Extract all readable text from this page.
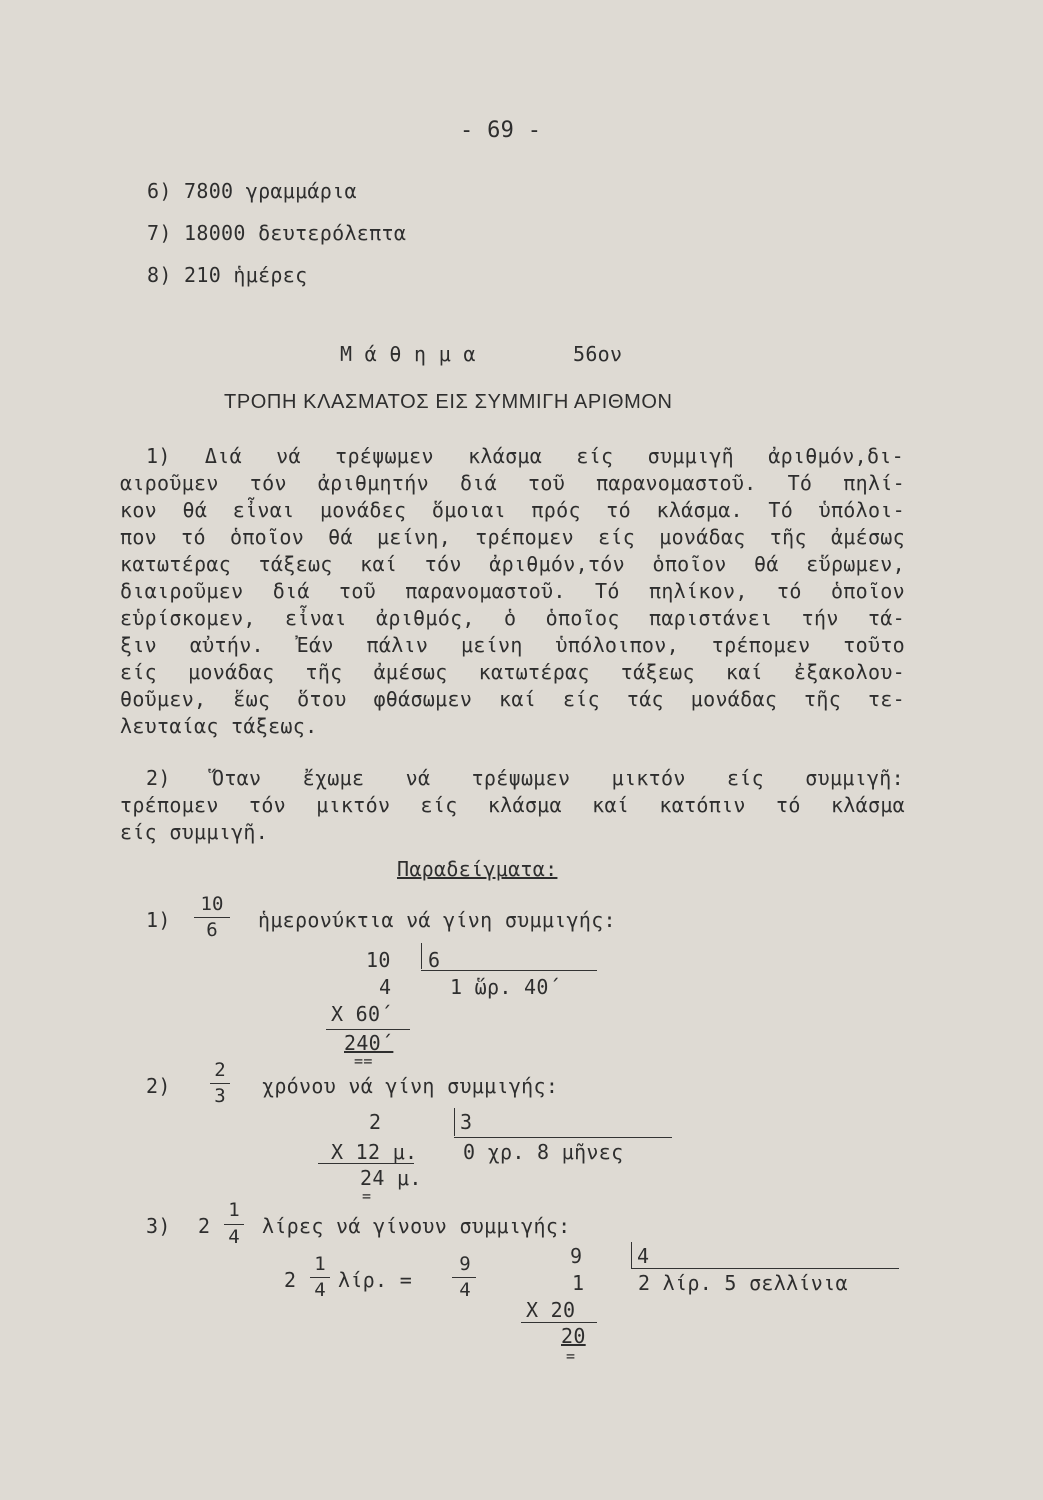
- 69 -
6) 7800 γραμμάρια
7) 18000 δευτερόλεπτα
8) 210 ἡμέρες
Μ ά θ η μ α	56ον
ΤΡΟΠΗ ΚΛΑΣΜΑΤΟΣ ΕΙΣ ΣΥΜΜΙΓΗ ΑΡΙΘΜΟΝ
1) Διά νά τρέψωμεν κλάσμα είς συμμιγῆ ἀριθμόν,δι-
αιροῦμεν τόν ἀριθμητήν διά τοῦ παρανομαστοῦ. Τό πηλί-
κον θά εἶναι μονάδες ὅμοιαι πρός τό κλάσμα. Τό ὑπόλοι-
πον τό ὁποῖον θά μείνη, τρέπομεν είς μονάδας τῆς ἀμέσως
κατωτέρας τάξεως καί τόν ἀριθμόν,τόν ὁποῖον θά εὕρωμεν,
διαιροῦμεν διά τοῦ παρανομαστοῦ. Τό πηλίκον, τό ὁποῖον
εὑρίσκομεν, εἶναι ἀριθμός, ὁ ὁποῖος παριστάνει τήν τά-
ξιν αὐτήν. Ἐάν πάλιν μείνη ὑπόλοιπον, τρέπομεν τοῦτο
είς μονάδας τῆς ἀμέσως κατωτέρας τάξεως καί ἐξακολου-
θοῦμεν, ἕως ὅτου φθάσωμεν καί είς τάς μονάδας τῆς τε-
λευταίας τάξεως.
2) Ὅταν ἔχωμε νά τρέψωμεν μικτόν είς συμμιγῆ:
τρέπομεν τόν μικτόν είς κλάσμα καί κατόπιν τό κλάσμα
είς συμμιγῆ.
Παραδείγματα:
1)
10
6	ἡμερονύκτια νά γίνη συμμιγής:
10 6
4	1 ὥρ. 40΄
X 60΄
240΄
==
2)
2
3	χρόνου νά γίνη συμμιγής:
2	3
X 12 μ. 0 χρ. 8 μῆνες
24 μ.
=
3) 2
1
4	λίρες νά γίνουν συμμιγής:
2
1
4 λίρ. =
9
4
9	4
1	2 λίρ. 5 σελλίνια
X 20
20
=
